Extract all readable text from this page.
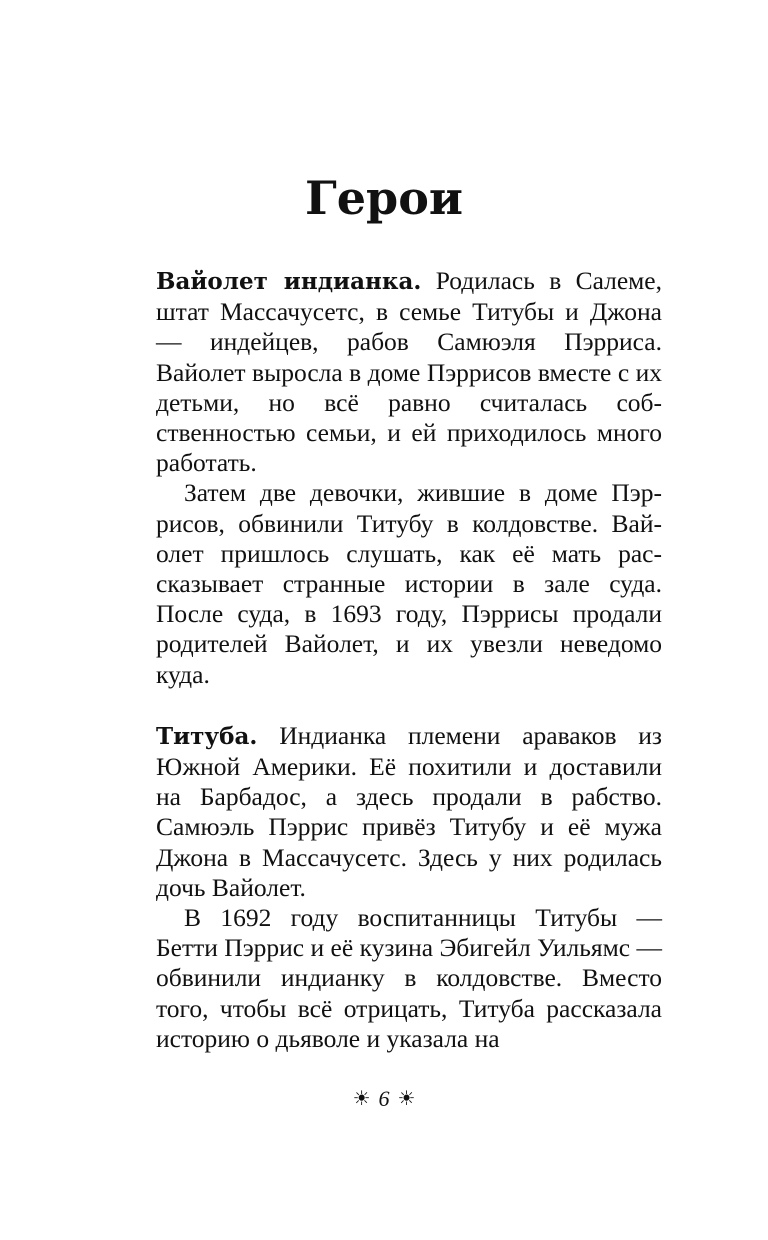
Герои

Вайолет индианка. Родилась в Салеме, штат Массачусетс, в семье Титубы и Джона — индейцев, рабов Самюэля Пэрриса. Вайолет выросла в доме Пэррисов вместе с их детьми, но всё равно считалась собственностью семьи, и ей приходилось много работать.

Затем две девочки, жившие в доме Пэррисов, обвинили Титубу в колдовстве. Вайолет пришлось слушать, как её мать рассказывает странные истории в зале суда. После суда, в 1693 году, Пэррисы продали родителей Вайолет, и их увезли неведомо куда.

Титуба. Индианка племени араваков из Южной Америки. Её похитили и доставили на Барбадос, а здесь продали в рабство. Самюэль Пэррис привёз Титубу и её мужа Джона в Массачусетс. Здесь у них родилась дочь Вайолет.

В 1692 году воспитанницы Титубы — Бетти Пэррис и её кузина Эбигейл Уильямс — обвинили индианку в колдовстве. Вместо того, чтобы всё отрицать, Титуба рассказала историю о дьяволе и указала на

☀ 6 ☀
